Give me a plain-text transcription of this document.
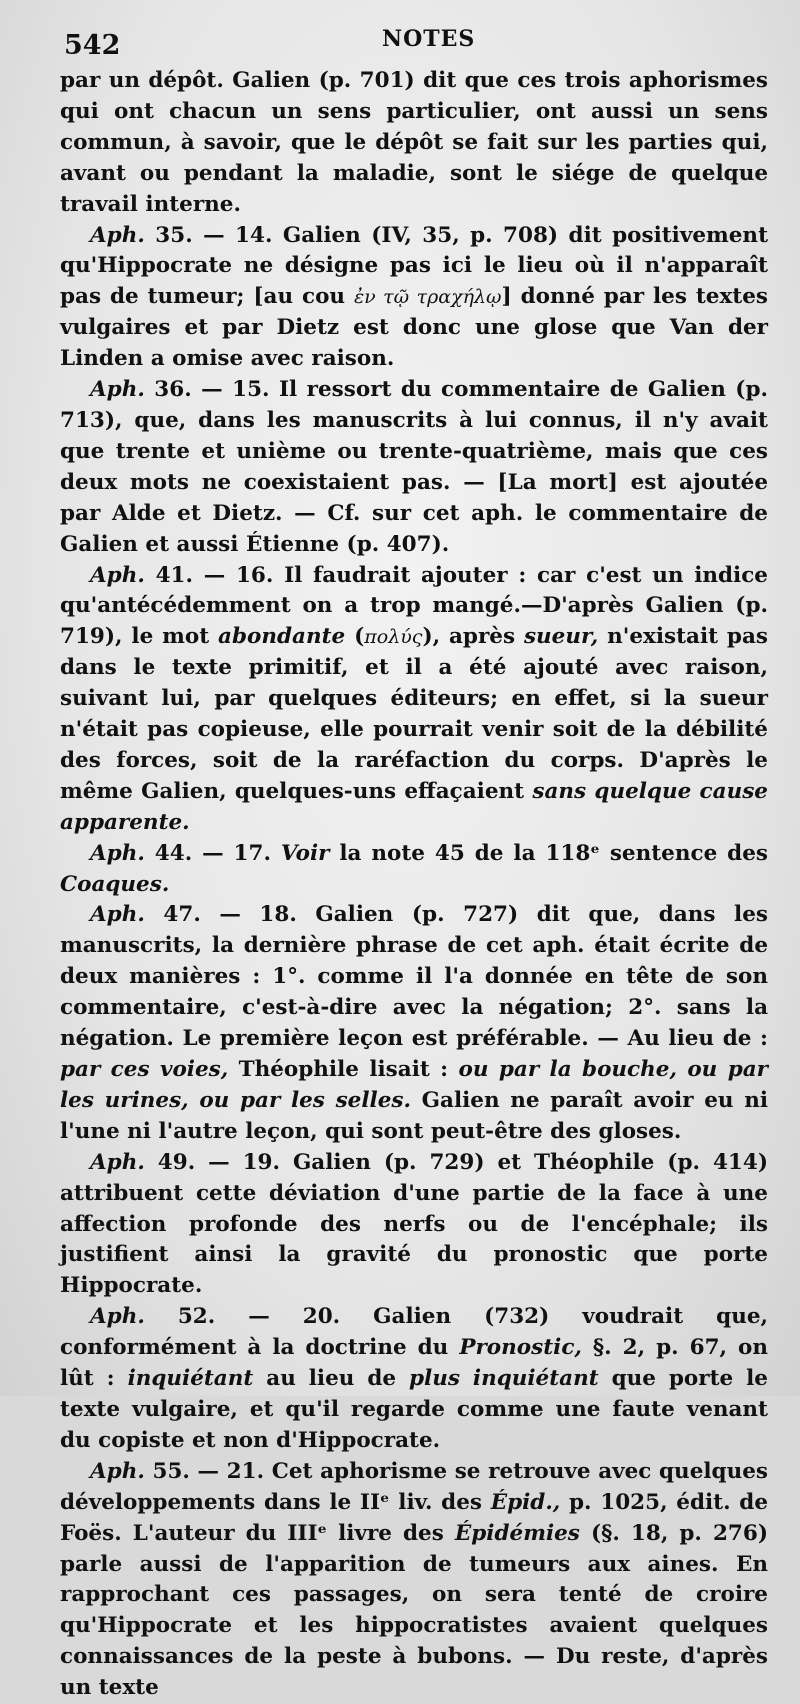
542	NOTES

par un dépôt. Galien (p. 701) dit que ces trois aphorismes qui ont chacun un sens particulier, ont aussi un sens commun, à savoir, que le dépôt se fait sur les parties qui, avant ou pendant la maladie, sont le siége de quelque travail interne.

Aph. 35. — 14. Galien (IV, 35, p. 708) dit positivement qu'Hippocrate ne désigne pas ici le lieu où il n'apparaît pas de tumeur; [au cou ἐν τῷ τραχήλῳ] donné par les textes vulgaires et par Dietz est donc une glose que Van der Linden a omise avec raison.

Aph. 36. — 15. Il ressort du commentaire de Galien (p. 713), que, dans les manuscrits à lui connus, il n'y avait que trente et unième ou trente-quatrième, mais que ces deux mots ne coexistaient pas. — [La mort] est ajoutée par Alde et Dietz. — Cf. sur cet aph. le commentaire de Galien et aussi Étienne (p. 407).

Aph. 41. — 16. Il faudrait ajouter : car c'est un indice qu'antécédemment on a trop mangé.—D'après Galien (p. 719), le mot abondante (πολύς), après sueur, n'existait pas dans le texte primitif, et il a été ajouté avec raison, suivant lui, par quelques éditeurs; en effet, si la sueur n'était pas copieuse, elle pourrait venir soit de la débilité des forces, soit de la raréfaction du corps. D'après le même Galien, quelques-uns effaçaient sans quelque cause apparente.

Aph. 44. — 17. Voir la note 45 de la 118ᵉ sentence des Coaques.

Aph. 47. — 18. Galien (p. 727) dit que, dans les manuscrits, la dernière phrase de cet aph. était écrite de deux manières : 1°. comme il l'a donnée en tête de son commentaire, c'est-à-dire avec la négation; 2°. sans la négation. Le première leçon est préférable. — Au lieu de : par ces voies, Théophile lisait : ou par la bouche, ou par les urines, ou par les selles. Galien ne paraît avoir eu ni l'une ni l'autre leçon, qui sont peut-être des gloses.

Aph. 49. — 19. Galien (p. 729) et Théophile (p. 414) attribuent cette déviation d'une partie de la face à une affection profonde des nerfs ou de l'encéphale; ils justifient ainsi la gravité du pronostic que porte Hippocrate.

Aph. 52. — 20. Galien (732) voudrait que, conformément à la doctrine du Pronostic, §. 2, p. 67, on lût : inquiétant au lieu de plus inquiétant que porte le texte vulgaire, et qu'il regarde comme une faute venant du copiste et non d'Hippocrate.

Aph. 55. — 21. Cet aphorisme se retrouve avec quelques développements dans le IIᵉ liv. des Épid., p. 1025, édit. de Foës. L'auteur du IIIᵉ livre des Épidémies (§. 18, p. 276) parle aussi de l'apparition de tumeurs aux aines. En rapprochant ces passages, on sera tenté de croire qu'Hippocrate et les hippocratistes avaient quelques connaissances de la peste à bubons. — Du reste, d'après un texte
